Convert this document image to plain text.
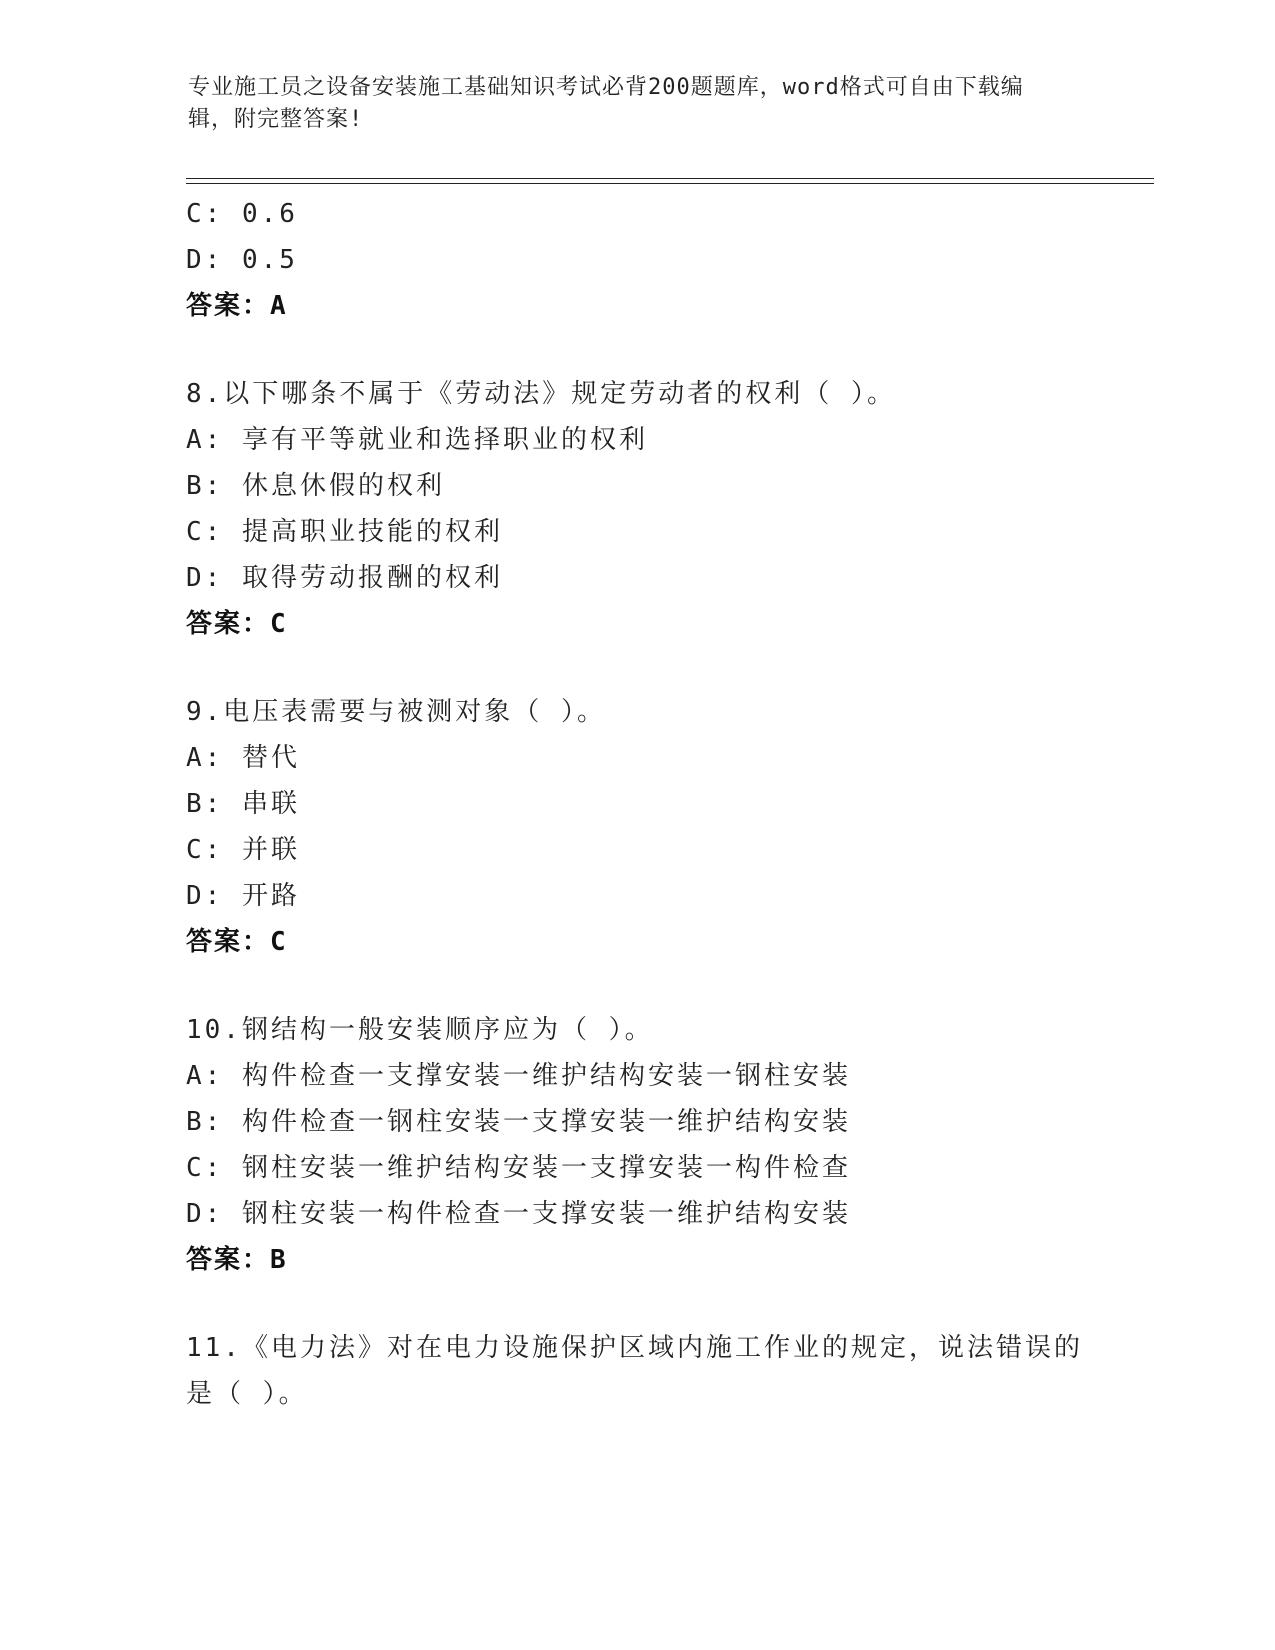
专业施工员之设备安装施工基础知识考试必背200题题库，word格式可自由下载编辑，附完整答案!
C: 0.6
D: 0.5
答案：A
8.以下哪条不属于《劳动法》规定劳动者的权利（ ）。
A: 享有平等就业和选择职业的权利
B: 休息休假的权利
C: 提高职业技能的权利
D: 取得劳动报酬的权利
答案：C
9.电压表需要与被测对象（ ）。
A: 替代
B: 串联
C: 并联
D: 开路
答案：C
10.钢结构一般安装顺序应为（ ）。
A: 构件检查一支撑安装一维护结构安装一钢柱安装
B: 构件检查一钢柱安装一支撑安装一维护结构安装
C: 钢柱安装一维护结构安装一支撑安装一构件检查
D: 钢柱安装一构件检查一支撑安装一维护结构安装
答案：B
11.《电力法》对在电力设施保护区域内施工作业的规定，说法错误的
是（ ）。
